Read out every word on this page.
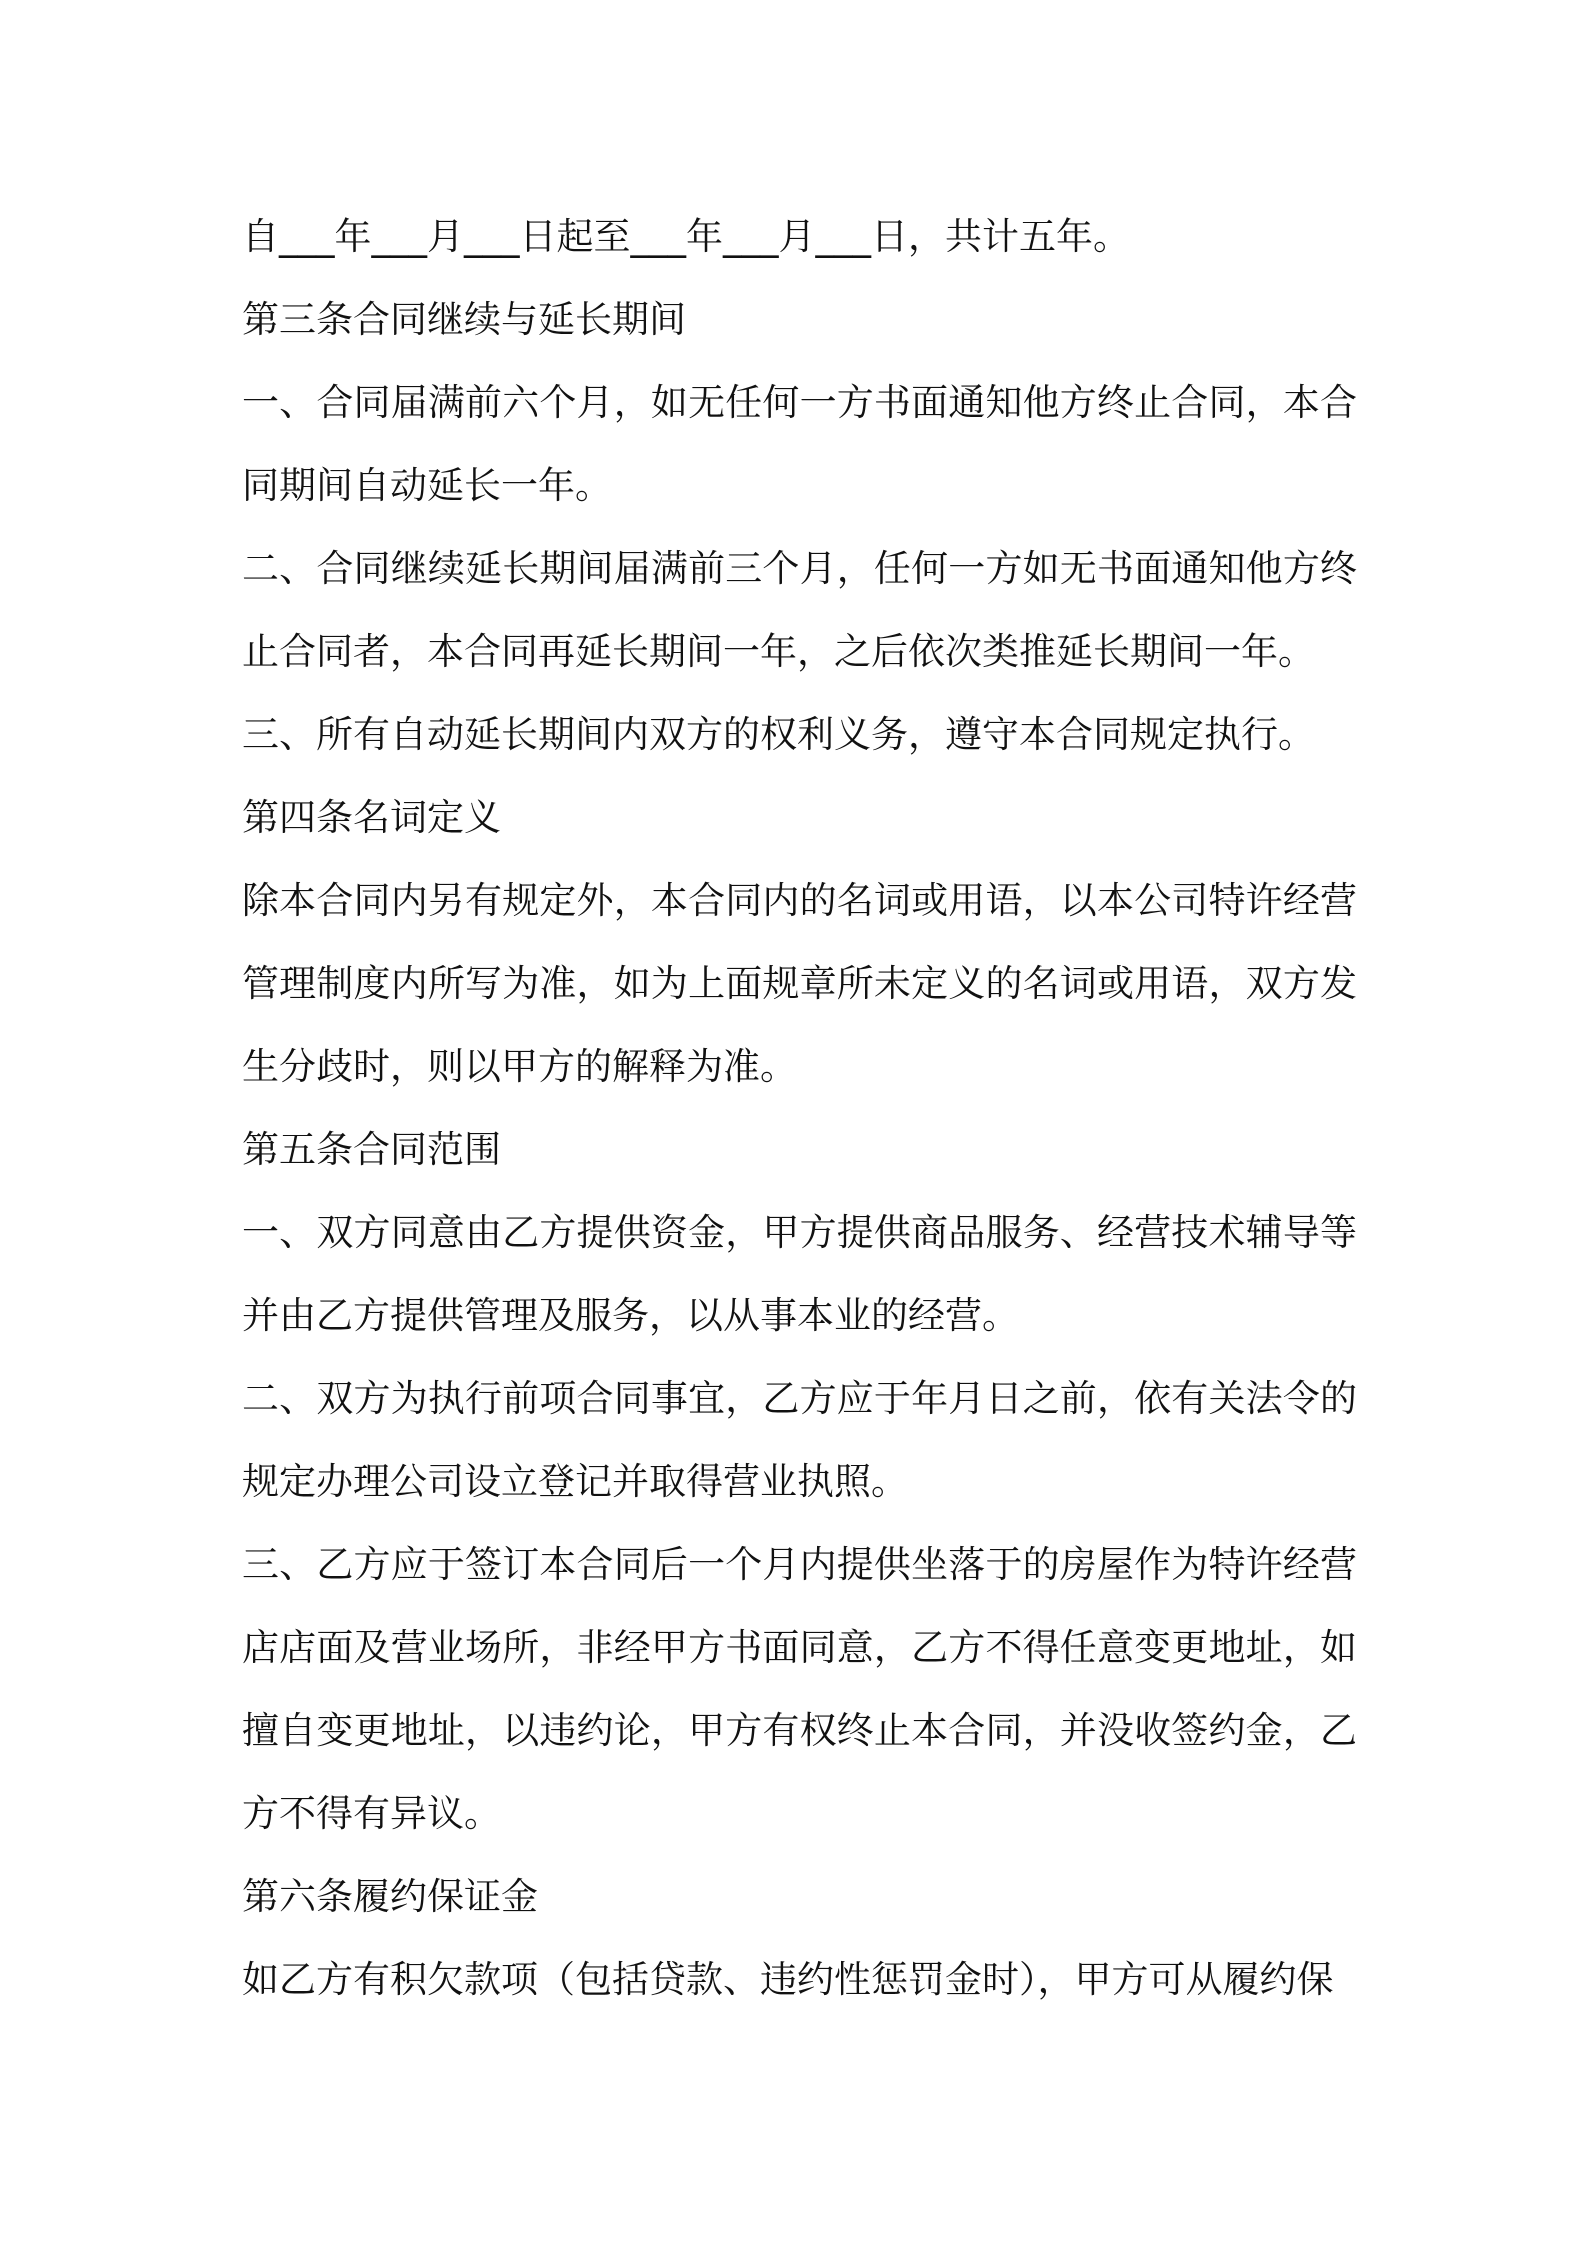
自___年___月___日起至___年___月___日，共计五年。

第三条合同继续与延长期间

一、合同届满前六个月，如无任何一方书面通知他方终止合同，本合同期间自动延长一年。

二、合同继续延长期间届满前三个月，任何一方如无书面通知他方终止合同者，本合同再延长期间一年，之后依次类推延长期间一年。

三、所有自动延长期间内双方的权利义务，遵守本合同规定执行。

第四条名词定义

除本合同内另有规定外，本合同内的名词或用语，以本公司特许经营管理制度内所写为准，如为上面规章所未定义的名词或用语，双方发生分歧时，则以甲方的解释为准。

第五条合同范围

一、双方同意由乙方提供资金，甲方提供商品服务、经营技术辅导等并由乙方提供管理及服务，以从事本业的经营。

二、双方为执行前项合同事宜，乙方应于年月日之前，依有关法令的规定办理公司设立登记并取得营业执照。

三、乙方应于签订本合同后一个月内提供坐落于的房屋作为特许经营店店面及营业场所，非经甲方书面同意，乙方不得任意变更地址，如擅自变更地址，以违约论，甲方有权终止本合同，并没收签约金，乙方不得有异议。

第六条履约保证金

如乙方有积欠款项（包括贷款、违约性惩罚金时），甲方可从履约保
